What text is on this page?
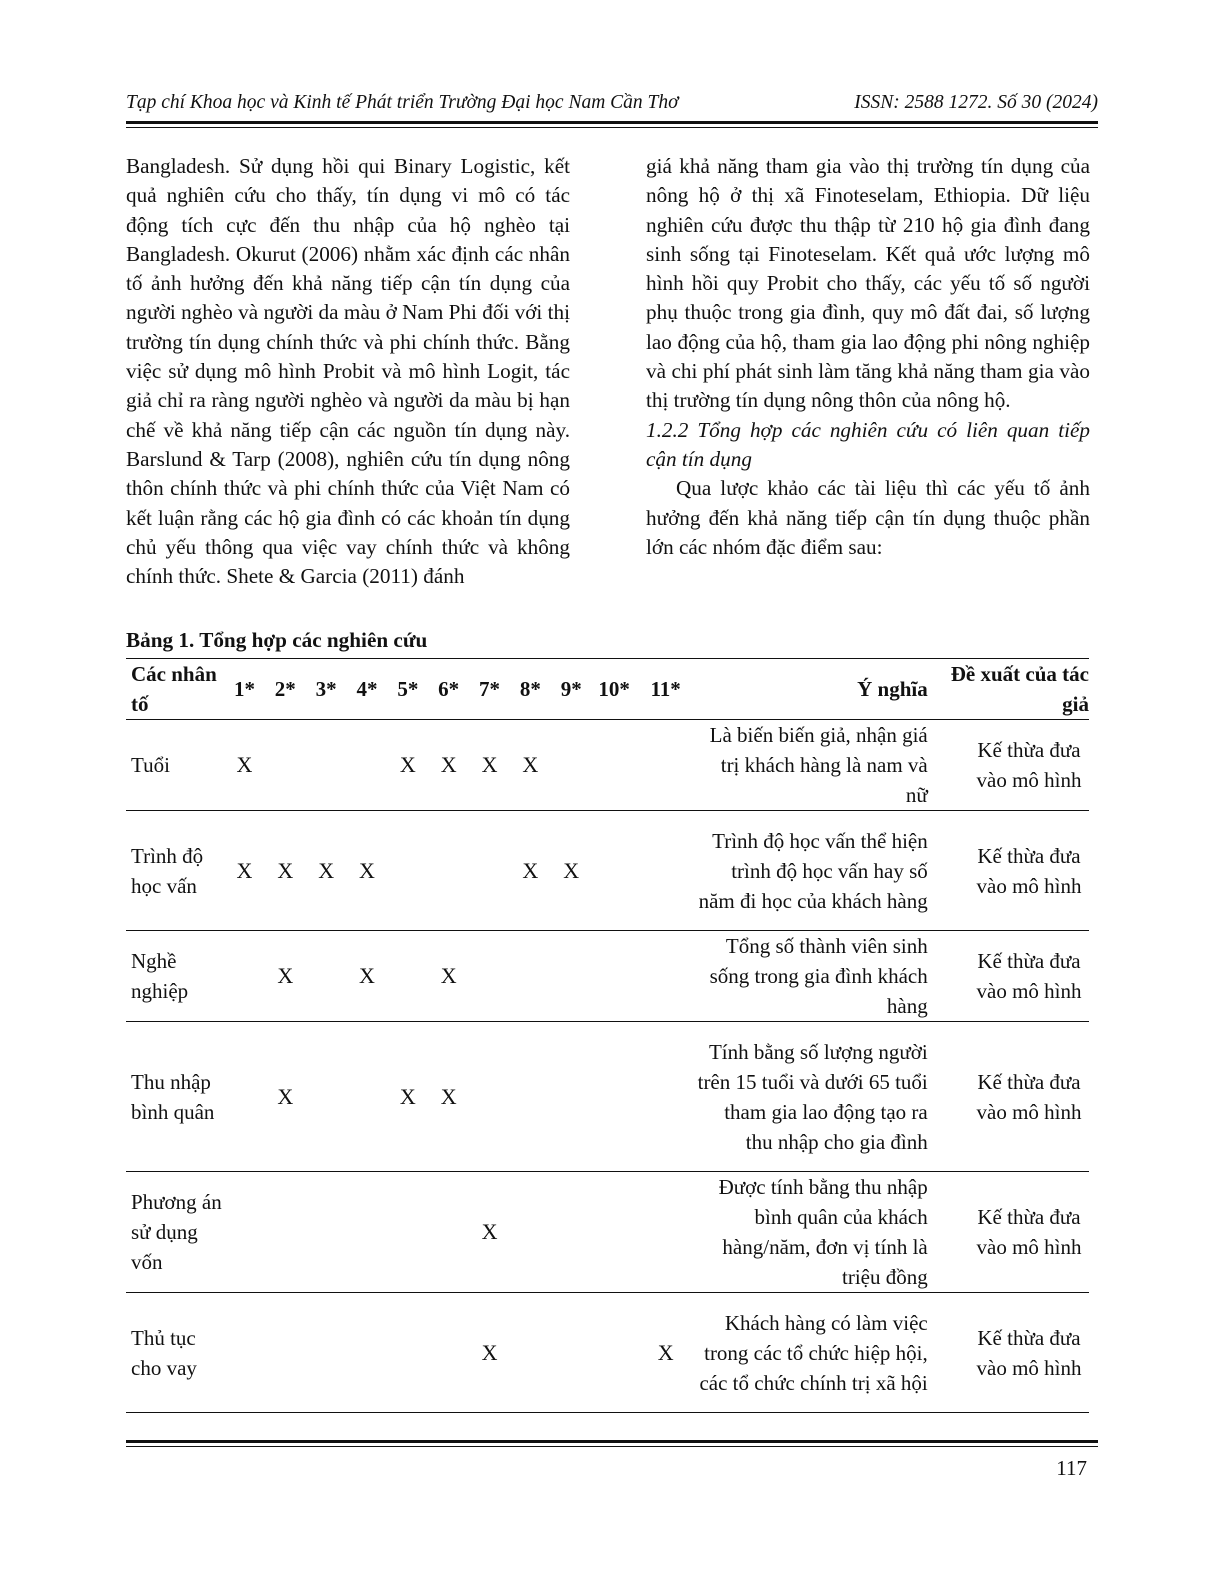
Tạp chí Khoa học và Kinh tế Phát triển Trường Đại học Nam Cần Thơ	ISSN: 2588 1272. Số 30 (2024)

Bangladesh. Sử dụng hồi qui Binary Logistic, kết quả nghiên cứu cho thấy, tín dụng vi mô có tác động tích cực đến thu nhập của hộ nghèo tại Bangladesh. Okurut (2006) nhằm xác định các nhân tố ảnh hưởng đến khả năng tiếp cận tín dụng của người nghèo và người da màu ở Nam Phi đối với thị trường tín dụng chính thức và phi chính thức. Bằng việc sử dụng mô hình Probit và mô hình Logit, tác giả chỉ ra ràng người nghèo và người da màu bị hạn chế về khả năng tiếp cận các nguồn tín dụng này. Barslund & Tarp (2008), nghiên cứu tín dụng nông thôn chính thức và phi chính thức của Việt Nam có kết luận rằng các hộ gia đình có các khoản tín dụng chủ yếu thông qua việc vay chính thức và không chính thức. Shete & Garcia (2011) đánh

giá khả năng tham gia vào thị trường tín dụng của nông hộ ở thị xã Finoteselam, Ethiopia. Dữ liệu nghiên cứu được thu thập từ 210 hộ gia đình đang sinh sống tại Finoteselam. Kết quả ước lượng mô hình hồi quy Probit cho thấy, các yếu tố số người phụ thuộc trong gia đình, quy mô đất đai, số lượng lao động của hộ, tham gia lao động phi nông nghiệp và chi phí phát sinh làm tăng khả năng tham gia vào thị trường tín dụng nông thôn của nông hộ.

1.2.2 Tổng hợp các nghiên cứu có liên quan tiếp cận tín dụng

Qua lược khảo các tài liệu thì các yếu tố ảnh hưởng đến khả năng tiếp cận tín dụng thuộc phần lớn các nhóm đặc điểm sau:

Bảng 1. Tổng hợp các nghiên cứu
Các nhân tố	1*	2*	3*	4*	5*	6*	7*	8*	9*	10*	11*	Ý nghĩa	Đề xuất của tác giả
Tuổi	X				X	X	X	X				Là biến biến giả, nhận giá trị khách hàng là nam và nữ	Kế thừa đưa vào mô hình
Trình độ học vấn	X	X	X	X				X	X			Trình độ học vấn thể hiện trình độ học vấn hay số năm đi học của khách hàng	Kế thừa đưa vào mô hình
Nghề nghiệp		X		X		X						Tổng số thành viên sinh sống trong gia đình khách hàng	Kế thừa đưa vào mô hình
Thu nhập bình quân		X			X	X						Tính bằng số lượng người trên 15 tuổi và dưới 65 tuổi tham gia lao động tạo ra thu nhập cho gia đình	Kế thừa đưa vào mô hình
Phương án sử dụng vốn							X					Được tính bằng thu nhập bình quân của khách hàng/năm, đơn vị tính là triệu đồng	Kế thừa đưa vào mô hình
Thủ tục cho vay							X				X	Khách hàng có làm việc trong các tổ chức hiệp hội, các tổ chức chính trị xã hội	Kế thừa đưa vào mô hình
117
